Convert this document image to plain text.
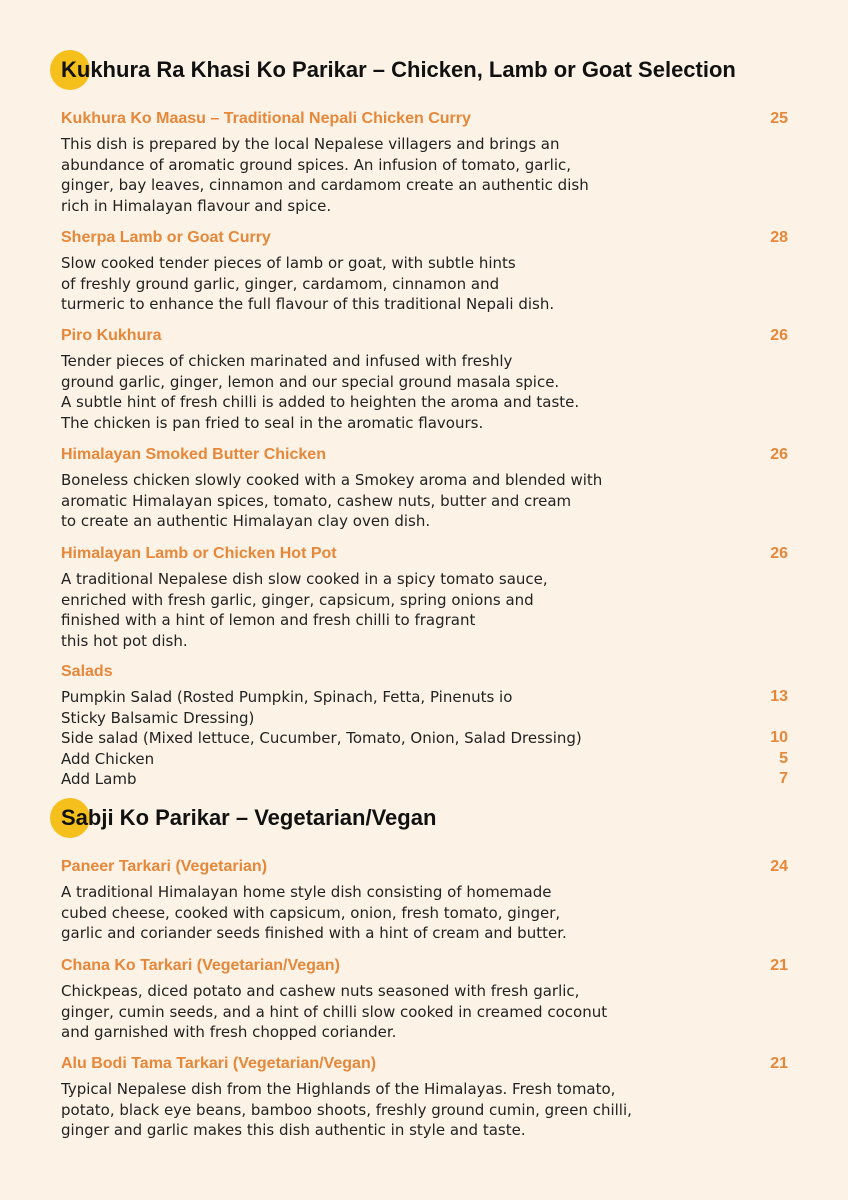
Kukhura Ra Khasi Ko Parikar – Chicken, Lamb or Goat Selection
Kukhura Ko Maasu – Traditional Nepali Chicken Curry	25
This dish is prepared by the local Nepalese villagers and brings an
abundance of aromatic ground spices. An infusion of tomato, garlic,
ginger, bay leaves, cinnamon and cardamom create an authentic dish
rich in Himalayan flavour and spice.
Sherpa Lamb or Goat Curry	28
Slow cooked tender pieces of lamb or goat, with subtle hints
of freshly ground garlic, ginger, cardamom, cinnamon and
turmeric to enhance the full flavour of this traditional Nepali dish.
Piro Kukhura	26
Tender pieces of chicken marinated and infused with freshly
ground garlic, ginger, lemon and our special ground masala spice.
A subtle hint of fresh chilli is added to heighten the aroma and taste.
The chicken is pan fried to seal in the aromatic flavours.
Himalayan Smoked Butter Chicken	26
Boneless chicken slowly cooked with a Smokey aroma and blended with
aromatic Himalayan spices, tomato, cashew nuts, butter and cream
to create an authentic Himalayan clay oven dish.
Himalayan Lamb or Chicken Hot Pot	26
A traditional Nepalese dish slow cooked in a spicy tomato sauce,
enriched with fresh garlic, ginger, capsicum, spring onions and
finished with a hint of lemon and fresh chilli to fragrant
this hot pot dish.
Salads
Pumpkin Salad (Rosted Pumpkin, Spinach, Fetta, Pinenuts io
Sticky Balsamic Dressing)
13
Side salad (Mixed lettuce, Cucumber, Tomato, Onion, Salad Dressing)	10
Add Chicken	5
Add Lamb	7
Sabji Ko Parikar – Vegetarian/Vegan
Paneer Tarkari (Vegetarian)	24
A traditional Himalayan home style dish consisting of homemade
cubed cheese, cooked with capsicum, onion, fresh tomato, ginger,
garlic and coriander seeds finished with a hint of cream and butter.
Chana Ko Tarkari (Vegetarian/Vegan)	21
Chickpeas, diced potato and cashew nuts seasoned with fresh garlic,
ginger, cumin seeds, and a hint of chilli slow cooked in creamed coconut
and garnished with fresh chopped coriander.
Alu Bodi Tama Tarkari (Vegetarian/Vegan)	21
Typical Nepalese dish from the Highlands of the Himalayas. Fresh tomato,
potato, black eye beans, bamboo shoots, freshly ground cumin, green chilli,
ginger and garlic makes this dish authentic in style and taste.
